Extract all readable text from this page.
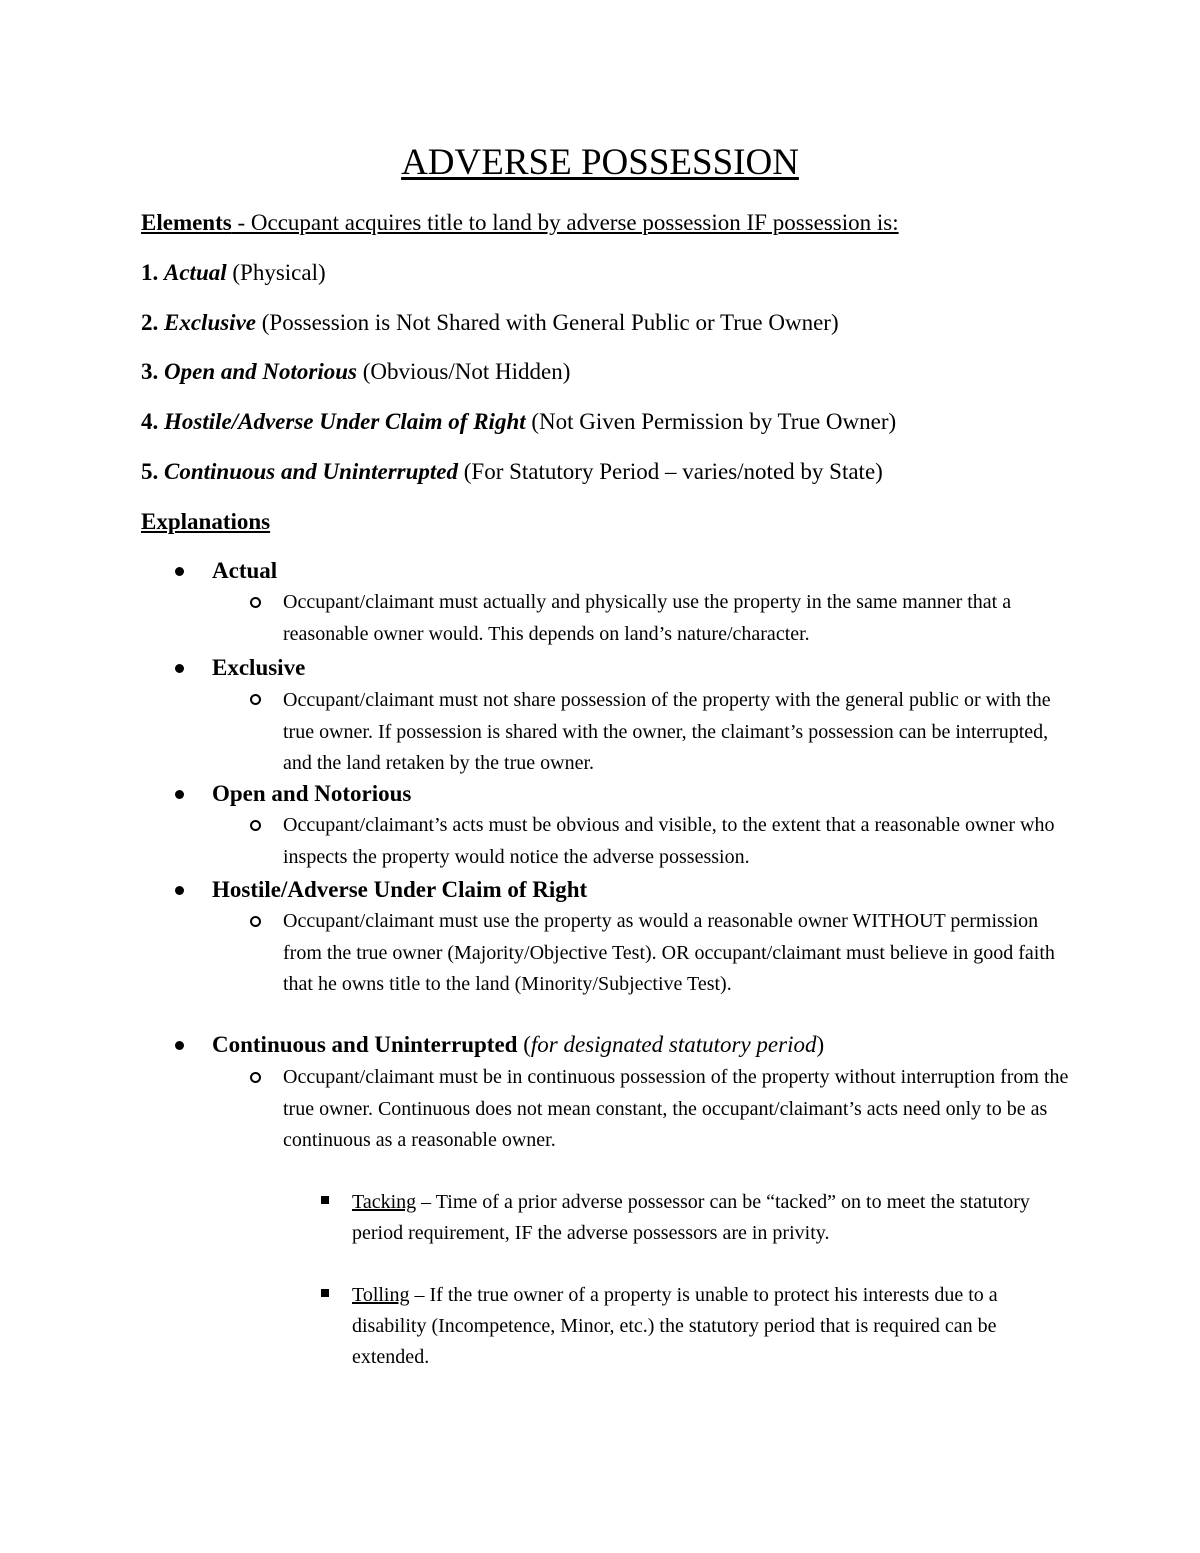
ADVERSE POSSESSION
Elements - Occupant acquires title to land by adverse possession IF possession is:
1. Actual (Physical)
2. Exclusive (Possession is Not Shared with General Public or True Owner)
3. Open and Notorious (Obvious/Not Hidden)
4. Hostile/Adverse Under Claim of Right (Not Given Permission by True Owner)
5. Continuous and Uninterrupted (For Statutory Period – varies/noted by State)
Explanations
Actual
Occupant/claimant must actually and physically use the property in the same manner that a reasonable owner would. This depends on land’s nature/character.
Exclusive
Occupant/claimant must not share possession of the property with the general public or with the true owner. If possession is shared with the owner, the claimant’s possession can be interrupted, and the land retaken by the true owner.
Open and Notorious
Occupant/claimant’s acts must be obvious and visible, to the extent that a reasonable owner who inspects the property would notice the adverse possession.
Hostile/Adverse Under Claim of Right
Occupant/claimant must use the property as would a reasonable owner WITHOUT permission from the true owner (Majority/Objective Test). OR occupant/claimant must believe in good faith that he owns title to the land (Minority/Subjective Test).
Continuous and Uninterrupted (for designated statutory period)
Occupant/claimant must be in continuous possession of the property without interruption from the true owner. Continuous does not mean constant, the occupant/claimant’s acts need only to be as continuous as a reasonable owner.
Tacking – Time of a prior adverse possessor can be “tacked” on to meet the statutory period requirement, IF the adverse possessors are in privity.
Tolling – If the true owner of a property is unable to protect his interests due to a disability (Incompetence, Minor, etc.) the statutory period that is required can be extended.
